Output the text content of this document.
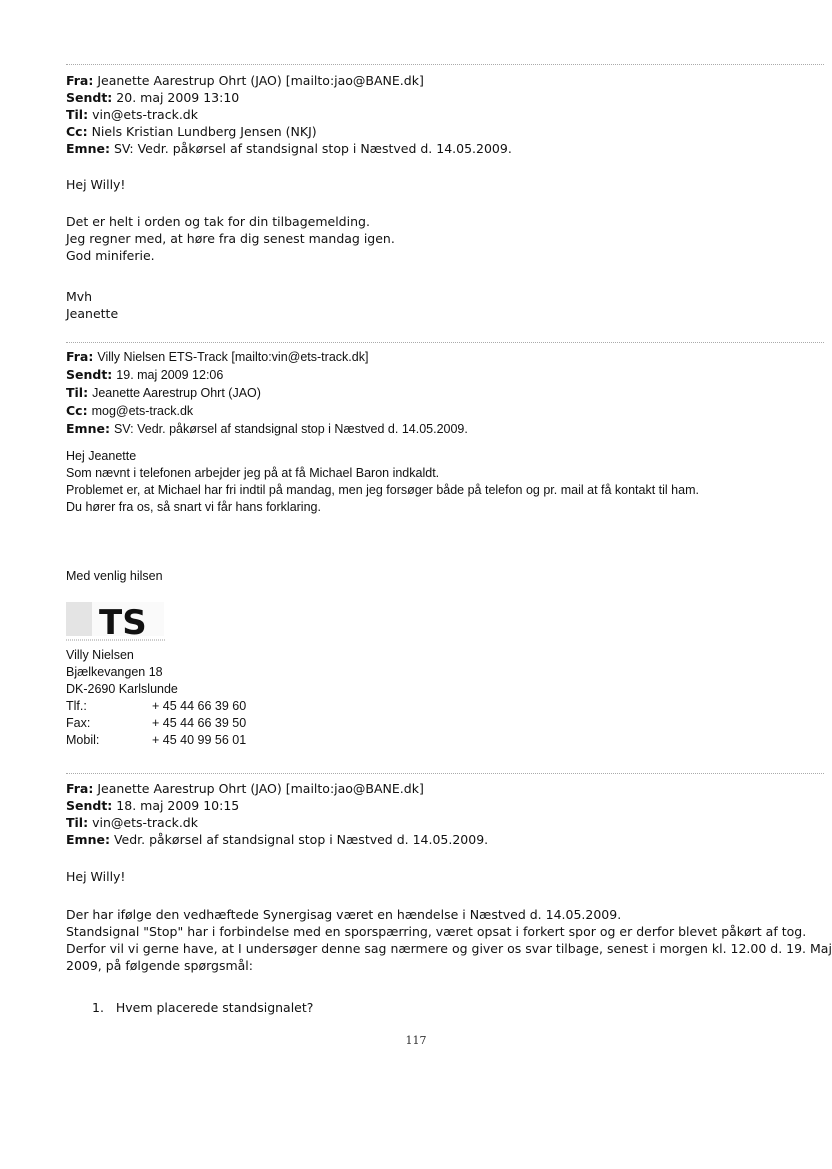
Fra: Jeanette Aarestrup Ohrt (JAO) [mailto:jao@BANE.dk]
Sendt: 20. maj 2009 13:10
Til: vin@ets-track.dk
Cc: Niels Kristian Lundberg Jensen (NKJ)
Emne: SV: Vedr. påkørsel af standsignal stop i Næstved d. 14.05.2009.
Hej Willy!
Det er helt i orden og tak for din tilbagemelding.
Jeg regner med, at høre fra dig senest mandag igen.
God miniferie.
Mvh
Jeanette
Fra: Villy Nielsen ETS-Track [mailto:vin@ets-track.dk]
Sendt: 19. maj 2009 12:06
Til: Jeanette Aarestrup Ohrt (JAO)
Cc: mog@ets-track.dk
Emne: SV: Vedr. påkørsel af standsignal stop i Næstved d. 14.05.2009.
Hej Jeanette
Som nævnt i telefonen arbejder jeg på at få Michael Baron indkaldt.
Problemet er, at Michael har fri indtil på mandag, men jeg forsøger både på telefon og pr. mail at få kontakt til ham.
Du hører fra os, så snart vi får hans forklaring.
Med venlig hilsen
TS
Villy Nielsen
Bjælkevangen 18
DK-2690 Karlslunde
Tlf.:	+ 45 44 66 39 60
Fax:	+ 45 44 66 39 50
Mobil:	+ 45 40 99 56 01
Fra: Jeanette Aarestrup Ohrt (JAO) [mailto:jao@BANE.dk]
Sendt: 18. maj 2009 10:15
Til: vin@ets-track.dk
Emne: Vedr. påkørsel af standsignal stop i Næstved d. 14.05.2009.
Hej Willy!
Der har ifølge den vedhæftede Synergisag været en hændelse i Næstved d. 14.05.2009.
Standsignal "Stop" har i forbindelse med en sporspærring, været opsat i forkert spor og er derfor blevet påkørt af tog.
Derfor vil vi gerne have, at I undersøger denne sag nærmere og giver os svar tilbage, senest i morgen kl. 12.00 d. 19. Maj
2009, på følgende spørgsmål:
1. Hvem placerede standsignalet?
117
